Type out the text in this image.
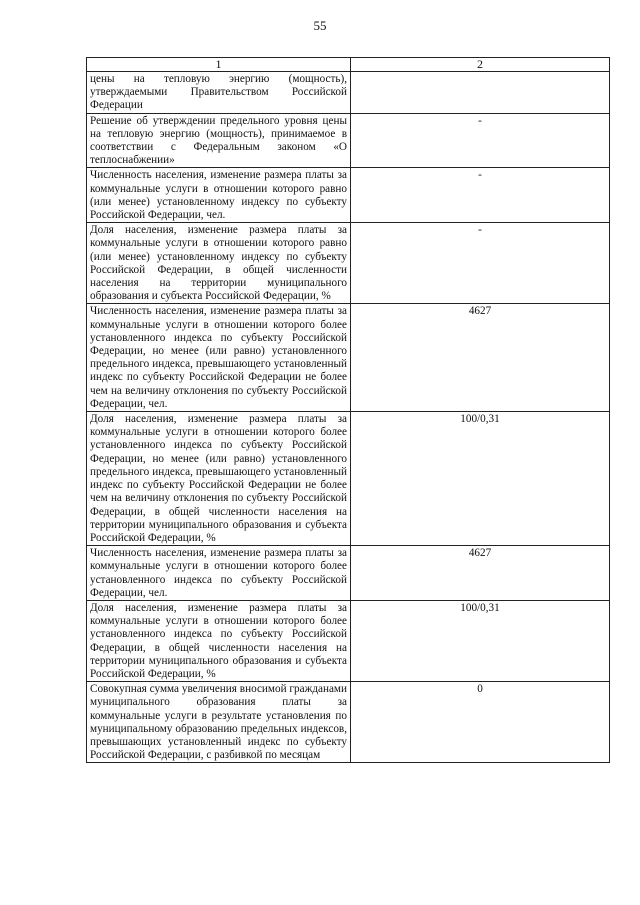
55
1	2
цены на тепловую энергию (мощность), утверждаемыми Правительством Российской Федерации	
Решение об утверждении предельного уровня цены на тепловую энергию (мощность), принимаемое в соответствии с Федеральным законом «О теплоснабжении»	-
Численность населения, изменение размера платы за коммунальные услуги в отношении которого равно (или менее) установленному индексу по субъекту Российской Федерации, чел.	-
Доля населения, изменение размера платы за коммунальные услуги в отношении которого равно (или менее) установленному индексу по субъекту Российской Федерации, в общей численности населения на территории муниципального образования и субъекта Российской Федерации, %	-
Численность населения, изменение размера платы за коммунальные услуги в отношении которого более установленного индекса по субъекту Российской Федерации, но менее (или равно) установленного предельного индекса, превышающего установленный индекс по субъекту Российской Федерации не более чем на величину отклонения по субъекту Российской Федерации, чел.	4627
Доля населения, изменение размера платы за коммунальные услуги в отношении которого более установленного индекса по субъекту Российской Федерации, но менее (или равно) установленного предельного индекса, превышающего установленный индекс по субъекту Российской Федерации не более чем на величину отклонения по субъекту Российской Федерации, в общей численности населения на территории муниципального образования и субъекта Российской Федерации, %	100/0,31
Численность населения, изменение размера платы за коммунальные услуги в отношении которого более установленного индекса по субъекту Российской Федерации, чел.	4627
Доля населения, изменение размера платы за коммунальные услуги в отношении которого более установленного индекса по субъекту Российской Федерации, в общей численности населения на территории муниципального образования и субъекта Российской Федерации, %	100/0,31
Совокупная сумма увеличения вносимой гражданами муниципального образования платы за коммунальные услуги в результате установления по муниципальному образованию предельных индексов, превышающих установленный индекс по субъекту Российской Федерации, с разбивкой по месяцам	0
